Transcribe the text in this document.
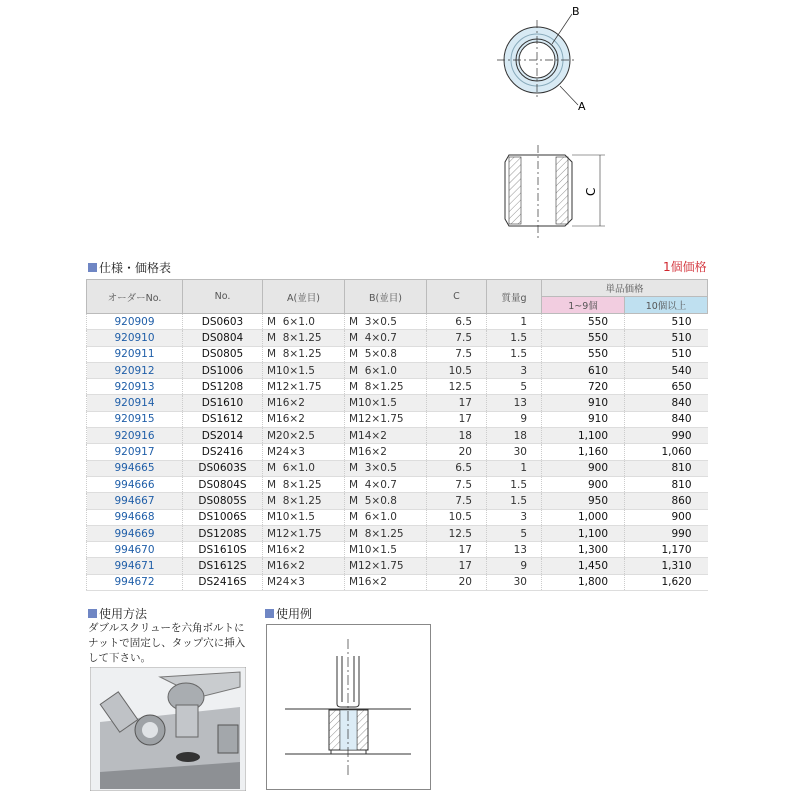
B
A
C
仕様・価格表	1個価格
オーダーNo.	No.	A(並目)	B(並目)	C	質量g	単品価格	
						1~9個	10個以上
920909	DS0603	M  6×1.0	M  3×0.5	6.5	1	550	510
920910	DS0804	M  8×1.25	M  4×0.7	7.5	1.5	550	510
920911	DS0805	M  8×1.25	M  5×0.8	7.5	1.5	550	510
920912	DS1006	M10×1.5	M  6×1.0	10.5	3	610	540
920913	DS1208	M12×1.75	M  8×1.25	12.5	5	720	650
920914	DS1610	M16×2	M10×1.5	17	13	910	840
920915	DS1612	M16×2	M12×1.75	17	9	910	840
920916	DS2014	M20×2.5	M14×2	18	18	1,100	990
920917	DS2416	M24×3	M16×2	20	30	1,160	1,060
994665	DS0603S	M  6×1.0	M  3×0.5	6.5	1	900	810
994666	DS0804S	M  8×1.25	M  4×0.7	7.5	1.5	900	810
994667	DS0805S	M  8×1.25	M  5×0.8	7.5	1.5	950	860
994668	DS1006S	M10×1.5	M  6×1.0	10.5	3	1,000	900
994669	DS1208S	M12×1.75	M  8×1.25	12.5	5	1,100	990
994670	DS1610S	M16×2	M10×1.5	17	13	1,300	1,170
994671	DS1612S	M16×2	M12×1.75	17	9	1,450	1,310
994672	DS2416S	M24×3	M16×2	20	30	1,800	1,620
使用方法
ダブルスクリューを六角ボルトにナットで固定し、タップ穴に挿入して下さい。
使用例
